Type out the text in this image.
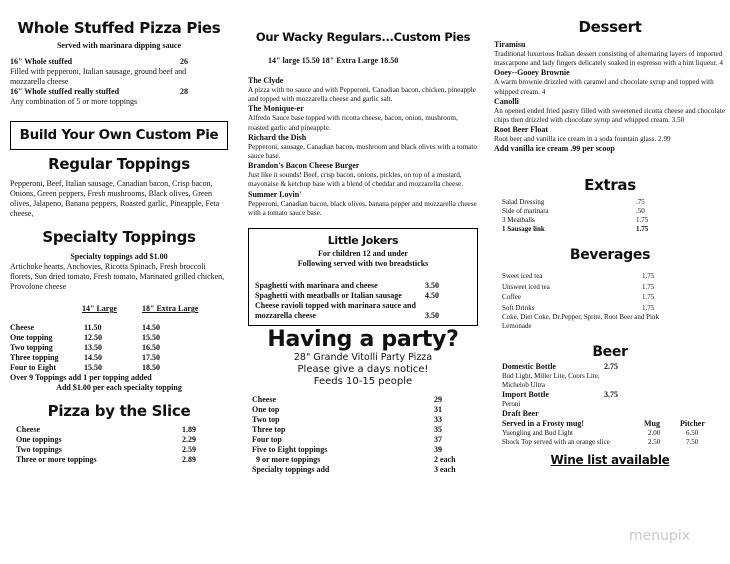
Whole Stuffed Pizza Pies
Served with marinara dipping sauce
16" Whole stuffed	26
Filled with pepperoni, Italian sausage, ground beef and mozzarella cheese
16" Whole stuffed really stuffed	28
Any combination of 5 or more toppings
Build Your Own Custom Pie
Regular Toppings
Pepperoni, Beef, Italian sausage, Canadian bacon, Crisp bacon, Onions, Green peppers, Fresh mushrooms, Black olives, Green olives, Jalapeno, Banana peppers, Roasted garlic, Pineapple, Feta cheese,
Specialty Toppings
Specialty toppings add $1.00
Artichoke hearts, Anchovies, Ricotta Spinach, Fresh broccoli florets, Sun dried tomato, Fresh tomato, Marinated grilled chicken, Provolone cheese
14" Large	18" Extra Large
Cheese	11.50	14.50
One topping	12.50	15.50
Two topping	13.50	16.50
Three topping	14.50	17.50
Four to Eight	15.50	18.50
Over 9 Toppings add 1 per topping added
Add $1.00 per each specialty topping
Pizza by the Slice
Cheese	1.89
One toppings	2.29
Two toppings	2.59
Three or more toppings	2.89
Our Wacky Regulars...Custom Pies
14" large 15.50 18" Extra Large 18.50
The Clyde
A pizza with no sauce and with Pepperoni, Canadian bacon, chicken, pineapple and topped with mozzarella cheese and garlic salt.
The Monique-er
Alfredo Sauce base topped with ricotta cheese, bacon, onion, mushroom, roasted garlic and pineapple.
Richard the Dish
Pepperoni, sausage, Canadian bacon, mushroom and black olives with a tomato sauce base.
Brandon's Bacon Cheese Burger
Just like it sounds! Beef, crisp bacon, onions, pickles, on top of a mustard, mayonaise & ketchup base with a blend of cheddar and mozzarella cheese.
Summer Lovin'
Pepperoni, Canadian bacon, black olives, banana pepper and mozzarella cheese with a tomato sauce base.
Little Jokers
For children 12 and under
Following served with two breadsticks
Spaghetti with marinara and cheese	3.50
Spaghetti with meatballs or Italian sausage	4.50
Cheese ravioli topped with marinara sauce and mozzarella cheese	3.50
Having a party?
28" Grande Vitolli Party Pizza
Please give a days notice!
Feeds 10-15 people
Cheese	29
One top	31
Two top	33
Three top	35
Four top	37
Five to Eight toppings	39
9 or more toppings	2 each
Specialty toppings add	3 each
Dessert
Tiramisu
Traditional luxurious Italian dessert consisting of alternating layers of imported mascarpone and lady fingers delicately soaked in espresso with a hint liqueur. 4
Ooey--Gooey Brownie
A warm brownie drizzled with caramel and chocolate syrup and topped with whipped cream. 4
Canolli
An opened ended fried pastry filled with sweetened ricotta cheese and chocolate chips then drizzled with chocolate syrup and whipped cream. 3.50
Root Beer Float
Root beer and vanilla ice cream in a soda fountain glass. 2.99
Add vanilla ice cream .99 per scoop
Extras
Salad Dressing	.75
Side of marinara	.50
3 Meatballs	1.75
1 Sausage link	1.75
Beverages
Sweet iced tea	1.75
Unsweet iced tea	1.75
Coffee	1.75
Soft Drinks	1.75
Coke, Diet Coke, Dr.Pepper, Sprite, Root Beer and Pink Lemonade
Beer
Domestic Bottle	2.75
Bud Light, Miller Lite, Coors Lite, Michelob Ultra
Import Bottle	3.75
Peroni
Draft Beer
Served in a Frosty mug!	Mug	Pitcher
Yuengling and Bud Light	2.00	6.50
Shock Top served with an orange slice	2.50	7.50
Wine list available
menupix
